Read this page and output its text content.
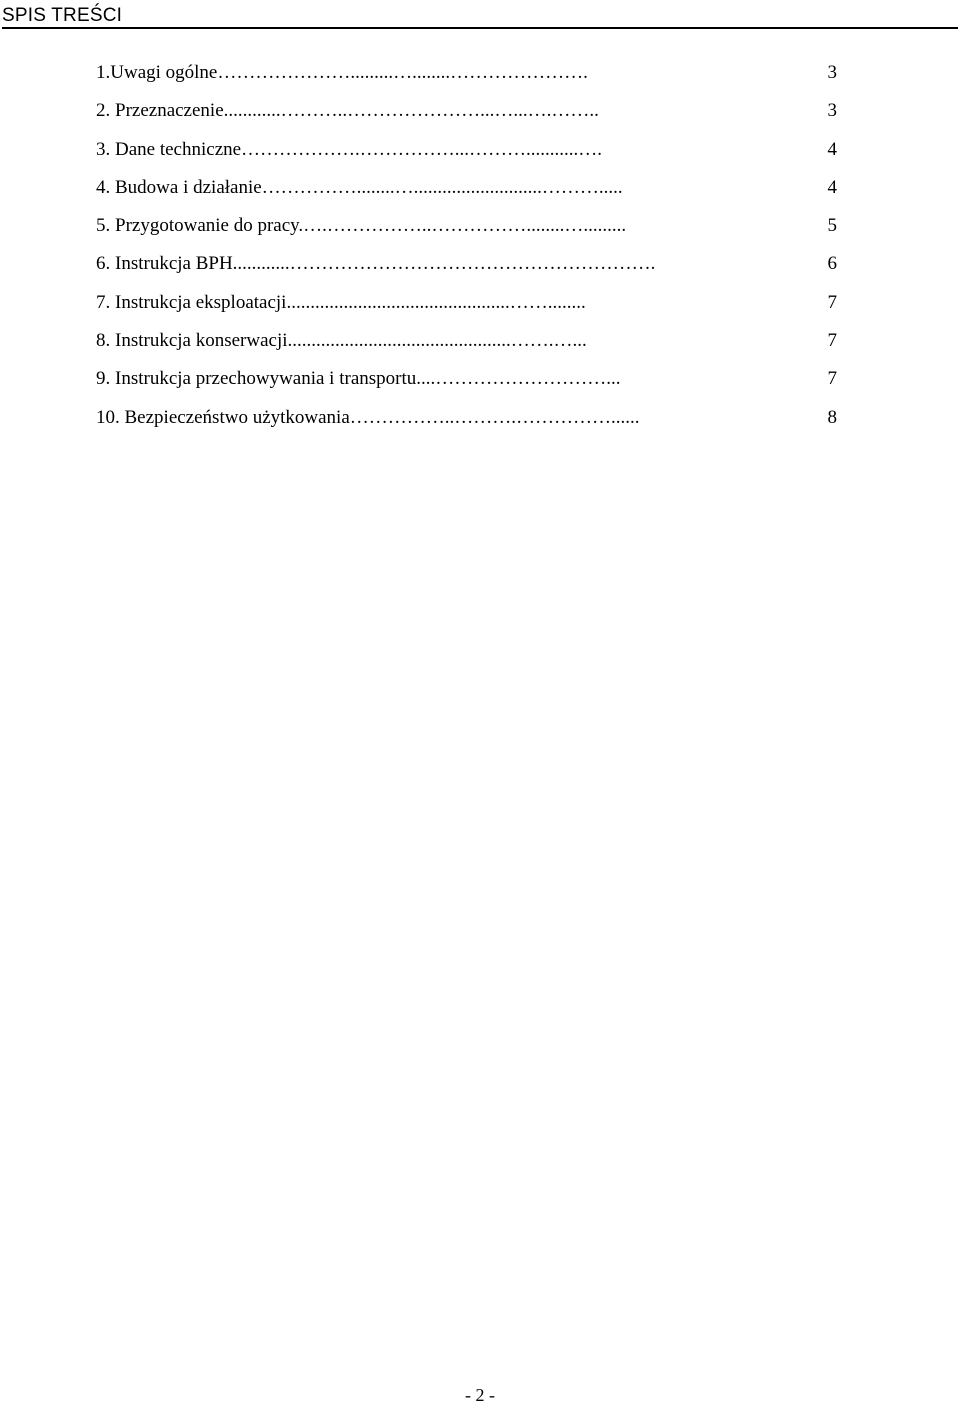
SPIS TREŚCI
1.Uwagi ogólne………………….........…........………………….	3
2. Przeznaczenie............………..…………………...…...….……..	3
3. Dane techniczne……………….……………...………...........….	4
4. Budowa i działanie……………........…...........................……….....	4
5. Przygotowanie do pracy.….……………..……………........….........	5
6. Instrukcja BPH............………………………………………………….	6
7. Instrukcja eksploatacji...............................................……........	7
8. Instrukcja konserwacji...............................................…….…...	7
9. Instrukcja przechowywania i transportu....………………………...	7
10. Bezpieczeństwo użytkowania……………..……….……………......	8
- 2 -
